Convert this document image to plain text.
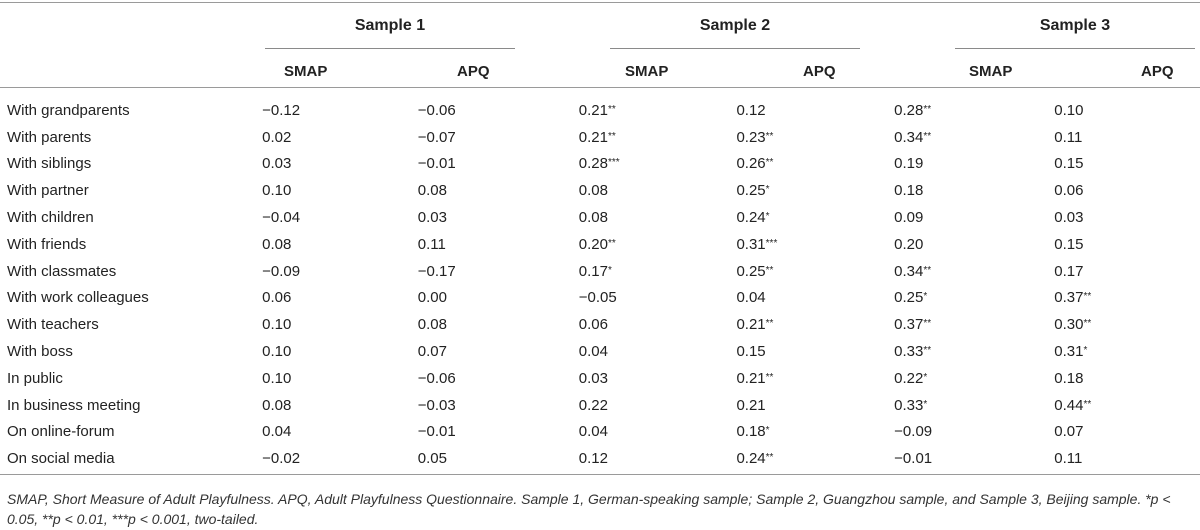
Sample 1	Sample 2	Sample 3
SMAP	APQ	SMAP	APQ	SMAP	APQ
With grandparents	−0.12	−0.06	0.21**	0.12	0.28**	0.10
With parents	0.02	−0.07	0.21**	0.23**	0.34**	0.11
With siblings	0.03	−0.01	0.28***	0.26**	0.19	0.15
With partner	0.10	0.08	0.08	0.25*	0.18	0.06
With children	−0.04	0.03	0.08	0.24*	0.09	0.03
With friends	0.08	0.11	0.20**	0.31***	0.20	0.15
With classmates	−0.09	−0.17	0.17*	0.25**	0.34**	0.17
With work colleagues	0.06	0.00	−0.05	0.04	0.25*	0.37**
With teachers	0.10	0.08	0.06	0.21**	0.37**	0.30**
With boss	0.10	0.07	0.04	0.15	0.33**	0.31*
In public	0.10	−0.06	0.03	0.21**	0.22*	0.18
In business meeting	0.08	−0.03	0.22	0.21	0.33*	0.44**
On online-forum	0.04	−0.01	0.04	0.18*	−0.09	0.07
On social media	−0.02	0.05	0.12	0.24**	−0.01	0.11
SMAP, Short Measure of Adult Playfulness. APQ, Adult Playfulness Questionnaire. Sample 1, German-speaking sample; Sample 2, Guangzhou sample, and Sample 3, Beijing sample. *p < 0.05, **p < 0.01, ***p < 0.001, two-tailed.
